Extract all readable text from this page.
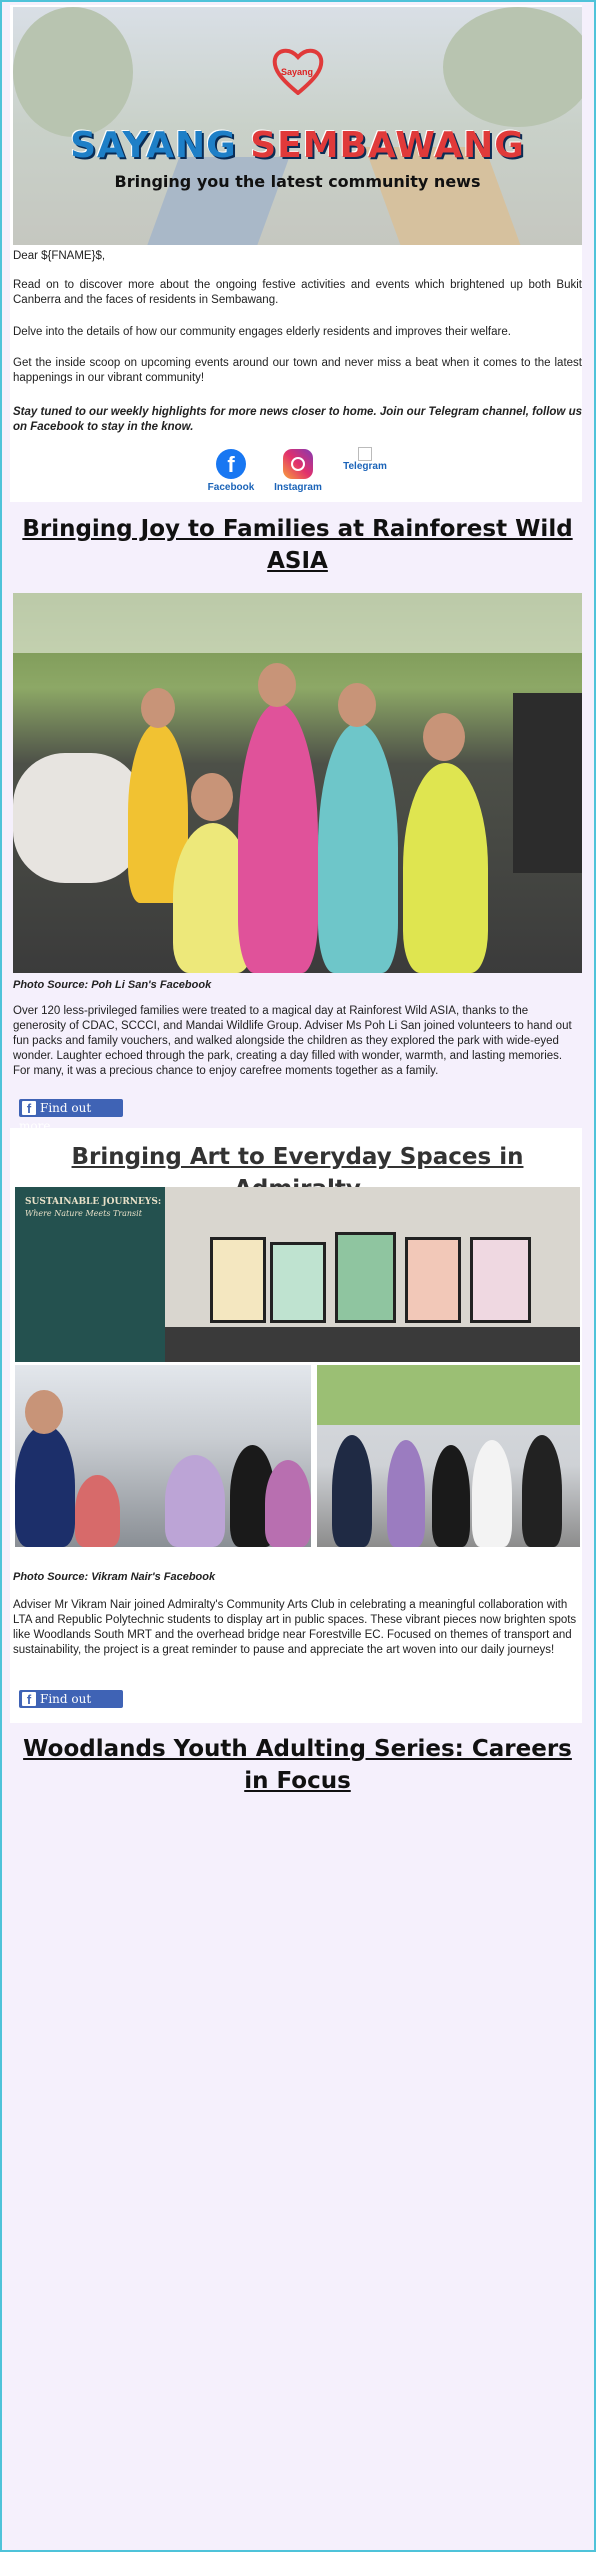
Sayang
SAYANG SEMBAWANG
Bringing you the latest community news

Dear ${FNAME}$,

Read on to discover more about the ongoing festive activities and events which brightened up both Bukit Canberra and the faces of residents in Sembawang.

Delve into the details of how our community engages elderly residents and improves their welfare.

Get the inside scoop on upcoming events around our town and never miss a beat when it comes to the latest happenings in our vibrant community!

Stay tuned to our weekly highlights for more news closer to home. Join our Telegram channel, follow us on Facebook to stay in the know.

f
Facebook	Instagram
Telegram
Bringing Joy to Families at Rainforest Wild ASIA
Photo Source: Poh Li San's Facebook

Over 120 less-privileged families were treated to a magical day at Rainforest Wild ASIA, thanks to the generosity of CDAC, SCCCI, and Mandai Wildlife Group. Adviser Ms Poh Li San joined volunteers to hand out fun packs and family vouchers, and walked alongside the children as they explored the park with wide-eyed wonder. Laughter echoed through the park, creating a day filled with wonder, warmth, and lasting memories. For many, it was a precious chance to enjoy carefree moments together as a family.

f Find out more
Bringing Art to Everyday Spaces in
SUSTAINABLE JOURNEYS:
Where Nature Meets Transit
Photo Source: Vikram Nair's Facebook

Adviser Mr Vikram Nair joined Admiralty's Community Arts Club in celebrating a meaningful collaboration with LTA and Republic Polytechnic students to display art in public spaces. These vibrant pieces now brighten spots like Woodlands South MRT and the overhead bridge near Forestville EC. Focused on themes of transport and sustainability, the project is a great reminder to pause and appreciate the art woven into our daily journeys!

f Find out more
Woodlands Youth Adulting Series: Careers in Focus
